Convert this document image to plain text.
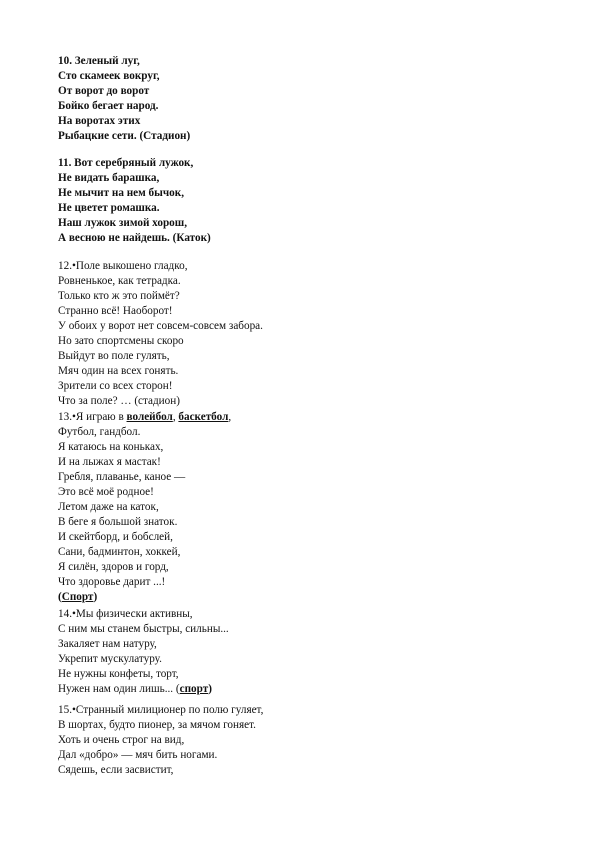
10. Зеленый луг,
Сто скамеек вокруг,
От ворот до ворот
Бойко бегает народ.
На воротах этих
Рыбацкие сети. (Стадион)
11. Вот серебряный лужок,
Не видать барашка,
Не мычит на нем бычок,
Не цветет ромашка.
Наш лужок зимой хорош,
А весною не найдешь. (Каток)
12.•Поле выкошено гладко,
Ровненькое, как тетрадка.
Только кто ж это поймёт?
Странно всё! Наоборот!
У обоих у ворот нет совсем-совсем забора.
Но зато спортсмены скоро
Выйдут во поле гулять,
Мяч один на всех гонять.
Зрители со всех сторон!
Что за поле? … (стадион)
13.•Я играю в волейбол, баскетбол,
Футбол, гандбол.
Я катаюсь на коньках,
И на лыжах я мастак!
Гребля, плаванье, каное —
Это всё моё родное!
Летом даже на каток,
В беге я большой знаток.
И скейтборд, и бобслей,
Сани, бадминтон, хоккей,
Я силён, здоров и горд,
Что здоровье дарит ...!
(Спорт)
14.•Мы физически активны,
С ним мы станем быстры, сильны...
Закаляет нам натуру,
Укрепит мускулатуру.
Не нужны конфеты, торт,
Нужен нам один лишь... (спорт)
15.•Странный милиционер по полю гуляет,
В шортах, будто пионер, за мячом гоняет.
Хоть и очень строг на вид,
Дал «добро» — мяч бить ногами.
Сядешь, если засвистит,
